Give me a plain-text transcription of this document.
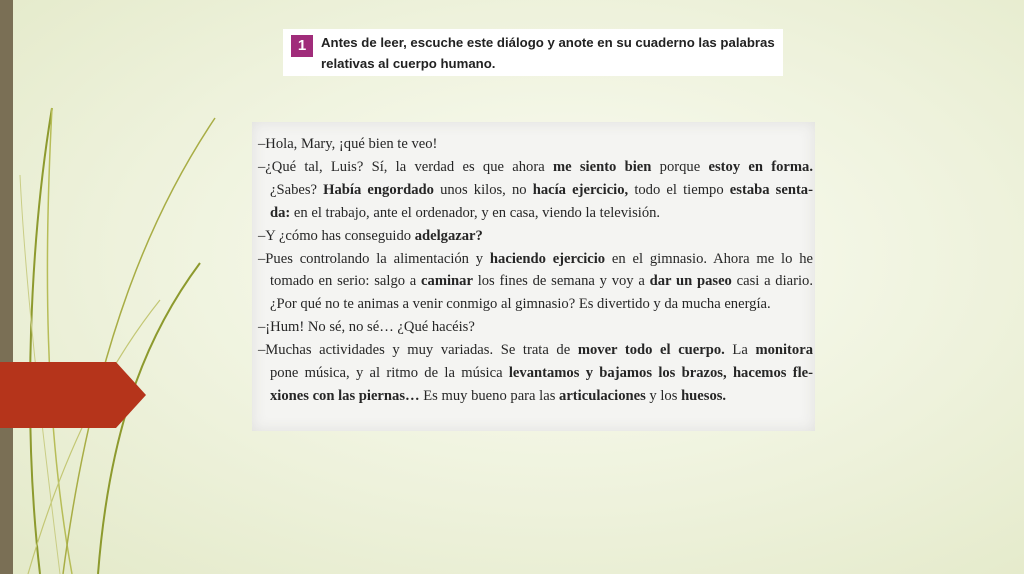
1	Antes de leer, escuche este diálogo y anote en su cuaderno las palabras
relativas al cuerpo humano.
–Hola, Mary, ¡qué bien te veo!
–¿Qué tal, Luis? Sí, la verdad es que ahora me siento bien porque estoy en forma.
¿Sabes? Había engordado unos kilos, no hacía ejercicio, todo el tiempo estaba senta-
da: en el trabajo, ante el ordenador, y en casa, viendo la televisión.
–Y ¿cómo has conseguido adelgazar?
–Pues controlando la alimentación y haciendo ejercicio en el gimnasio. Ahora me lo he
tomado en serio: salgo a caminar los fines de semana y voy a dar un paseo casi a diario.
¿Por qué no te animas a venir conmigo al gimnasio? Es divertido y da mucha energía.
–¡Hum! No sé, no sé… ¿Qué hacéis?
–Muchas actividades y muy variadas. Se trata de mover todo el cuerpo. La monitora
pone música, y al ritmo de la música levantamos y bajamos los brazos, hacemos fle-
xiones con las piernas… Es muy bueno para las articulaciones y los huesos.
